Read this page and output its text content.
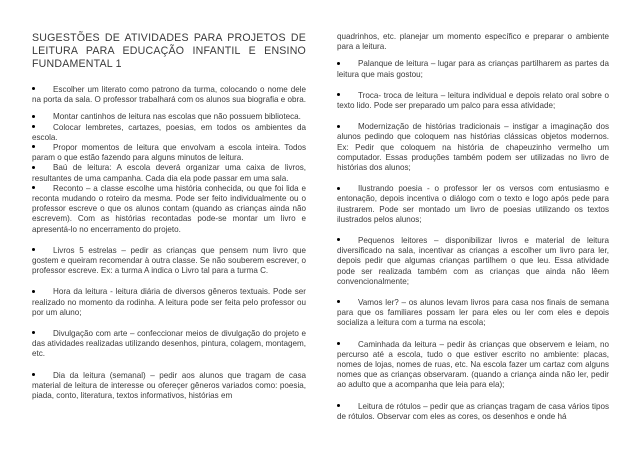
SUGESTÕES DE ATIVIDADES PARA PROJETOS DE LEITURA PARA EDUCAÇÃO INFANTIL E ENSINO FUNDAMENTAL 1

Escolher um literato como patrono da turma, colocando o nome dele na porta da sala. O professor trabalhará com os alunos sua biografia e obra.

Montar cantinhos de leitura nas escolas que não possuem biblioteca.

Colocar lembretes, cartazes, poesias, em todos os ambientes da escola.

Propor momentos de leitura que envolvam a escola inteira. Todos param o que estão fazendo para alguns minutos de leitura.

Baú de leitura: A escola deverá organizar uma caixa de livros, resultantes de uma campanha. Cada dia ela pode passar em uma sala.

Reconto – a classe escolhe uma história conhecida, ou que foi lida e reconta mudando o roteiro da mesma. Pode ser feito individualmente ou o professor escreve o que os alunos contam (quando as crianças ainda não escrevem). Com as histórias recontadas pode-se montar um livro e apresentá-lo no encerramento do projeto.

Livros 5 estrelas – pedir as crianças que pensem num livro que gostem e queiram recomendar à outra classe. Se não souberem escrever, o professor escreve. Ex: a turma A indica o Livro tal para a turma C.

Hora da leitura - leitura diária de diversos gêneros textuais. Pode ser realizado no momento da rodinha. A leitura pode ser feita pelo professor ou por um aluno;

Divulgação com arte – confeccionar meios de divulgação do projeto e das atividades realizadas utilizando desenhos, pintura, colagem, montagem, etc.

Dia da leitura (semanal) – pedir aos alunos que tragam de casa material de leitura de interesse ou ofereçer gêneros variados como: poesia, piada, conto, literatura, textos informativos, histórias em

quadrinhos, etc. planejar um momento específico e preparar o ambiente para a leitura.

Palanque de leitura – lugar para as crianças partilharem as partes da leitura que mais gostou;

Troca- troca de leitura – leitura individual e depois relato oral sobre o texto lido. Pode ser preparado um palco para essa atividade;

Modernização de histórias tradicionais – instigar a imaginação dos alunos pedindo que coloquem nas histórias clássicas objetos modernos. Ex: Pedir que coloquem na história de chapeuzinho vermelho um computador. Essas produções também podem ser utilizadas no livro de histórias dos alunos;

Ilustrando poesia - o professor ler os versos com entusiasmo e entonação, depois incentiva o diálogo com o texto e logo após pede para ilustrarem. Pode ser montado um livro de poesias utilizando os textos ilustrados pelos alunos;

Pequenos leitores – disponibilizar livros e material de leitura diversificado na sala, incentivar as crianças a escolher um livro para ler, depois pedir que algumas crianças partilhem o que leu. Essa atividade pode ser realizada também com as crianças que ainda não lêem convencionalmente;

Vamos ler? – os alunos levam livros para casa nos finais de semana para que os familiares possam ler para eles ou ler com eles e depois socializa a leitura com a turma na escola;

Caminhada da leitura – pedir às crianças que observem e leiam, no percurso até a escola, tudo o que estiver escrito no ambiente: placas, nomes de lojas, nomes de ruas, etc. Na escola fazer um cartaz com alguns nomes que as crianças observaram. (quando a criança ainda não ler, pedir ao adulto que a acompanha que leia para ela);

Leitura de rótulos – pedir que as crianças tragam de casa vários tipos de rótulos. Observar com eles as cores, os desenhos e onde há
